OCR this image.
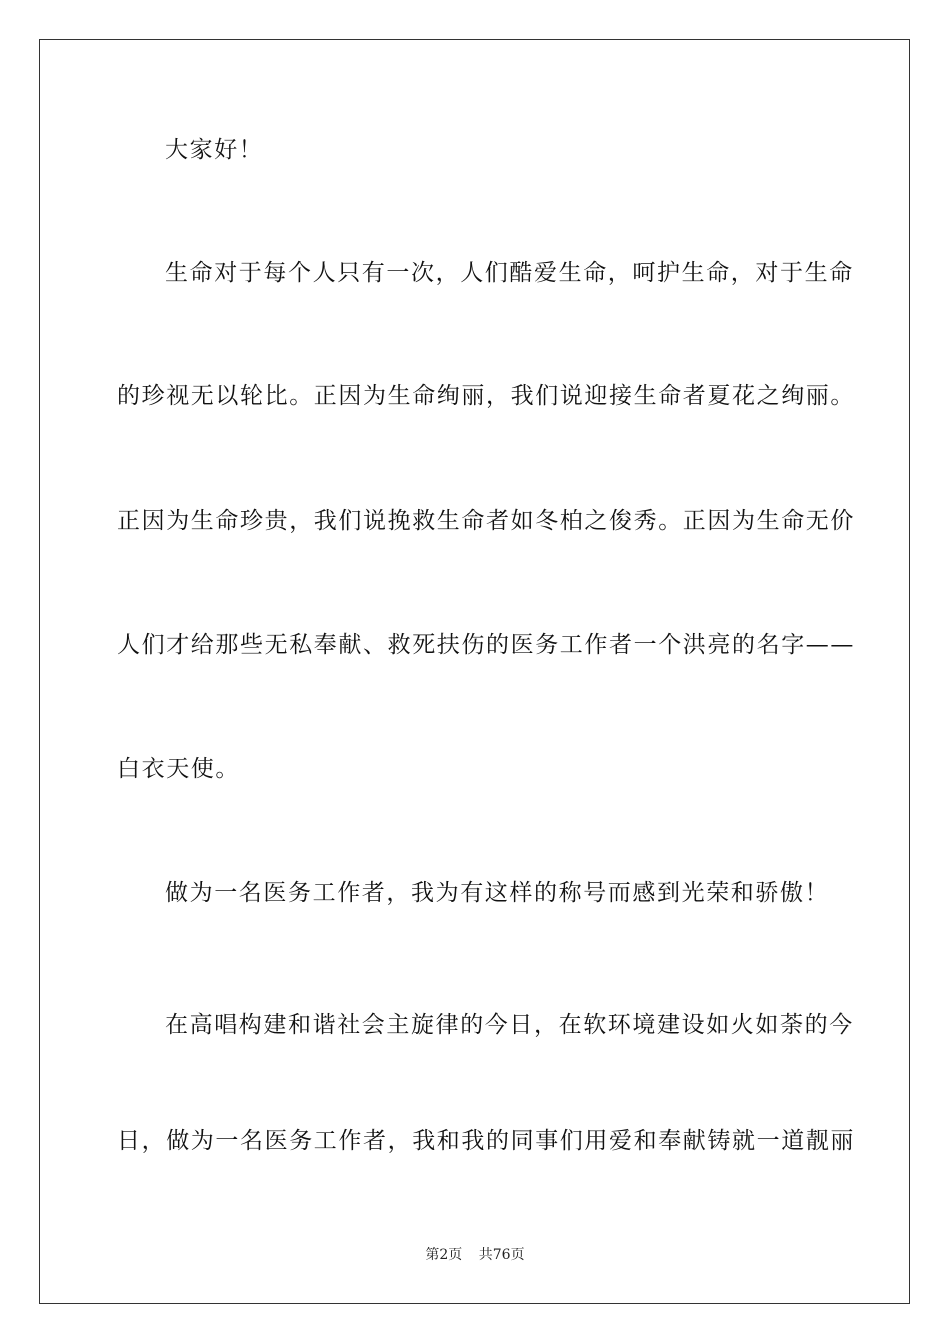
大家好！
生命对于每个人只有一次，人们酷爱生命，呵护生命，对于生命
的珍视无以轮比。正因为生命绚丽，我们说迎接生命者夏花之绚丽。
正因为生命珍贵，我们说挽救生命者如冬柏之俊秀。正因为生命无价
人们才给那些无私奉献、救死扶伤的医务工作者一个洪亮的名字——
白衣天使。
做为一名医务工作者，我为有这样的称号而感到光荣和骄傲！
在高唱构建和谐社会主旋律的今日，在软环境建设如火如荼的今
日，做为一名医务工作者，我和我的同事们用爱和奉献铸就一道靓丽
第2页 共76页
